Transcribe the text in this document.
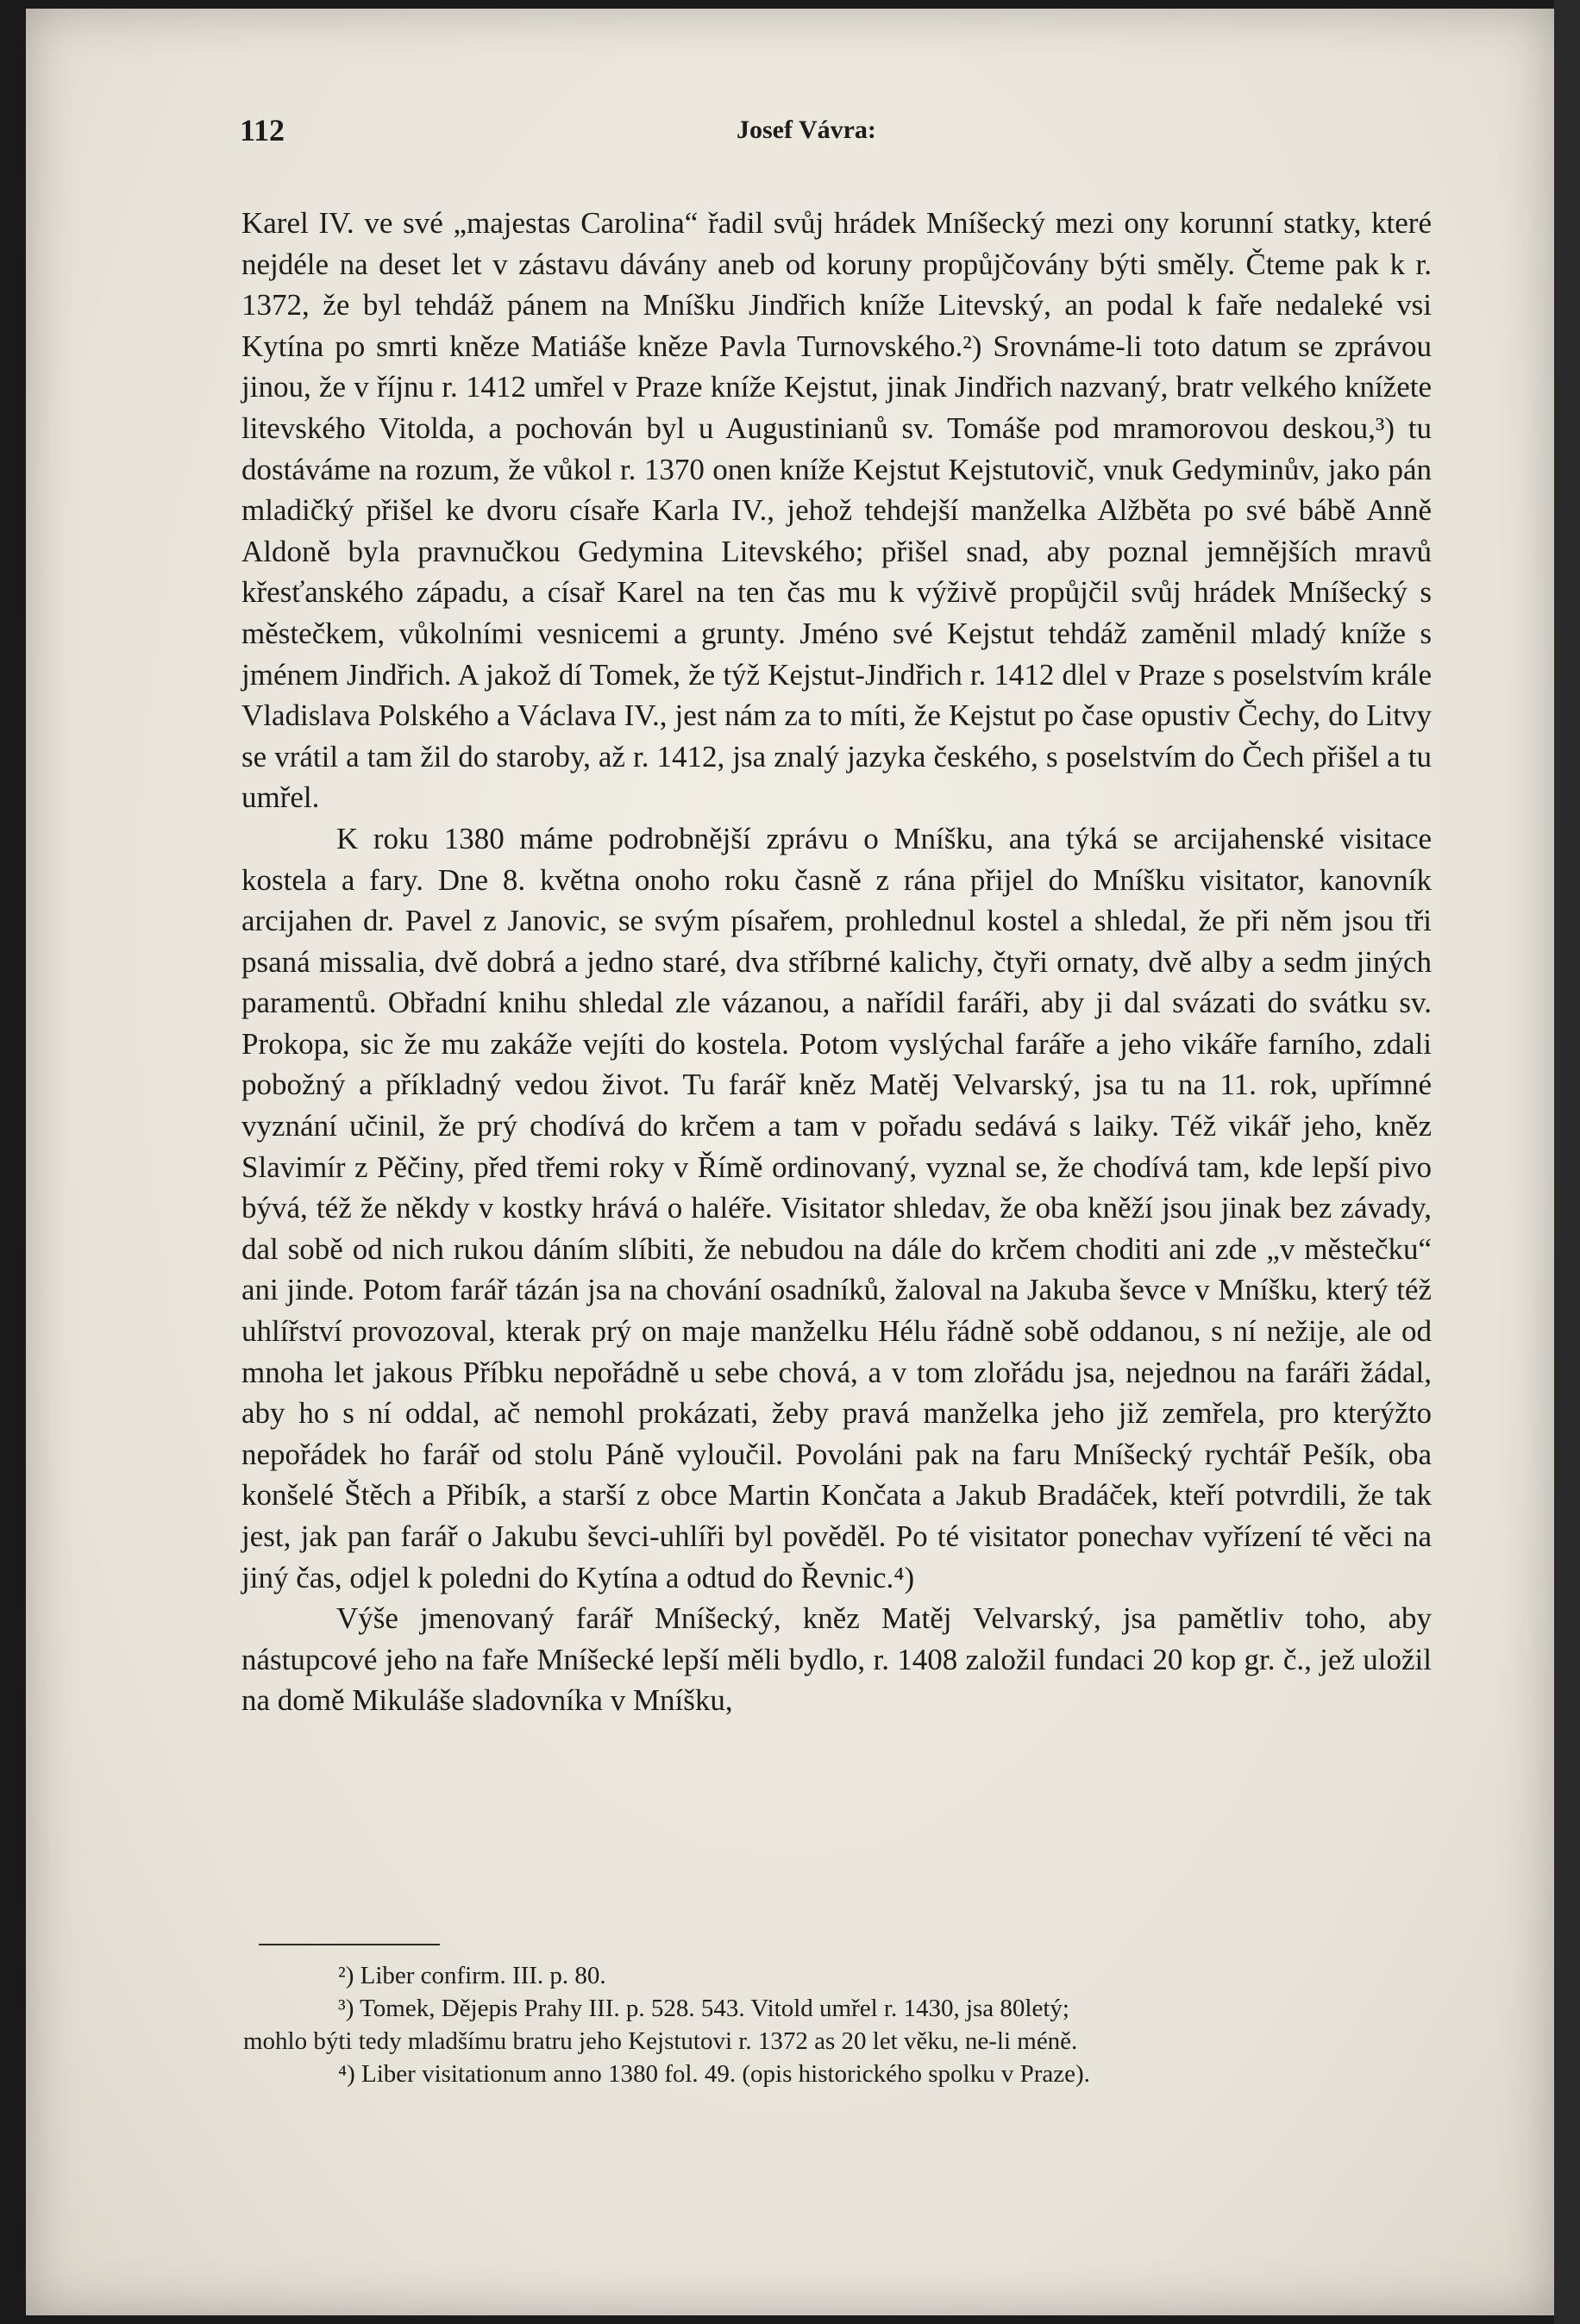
112	Josef Vávra:

Karel IV. ve své „majestas Carolina“ řadil svůj hrádek Mníšecký mezi ony korunní statky, které nejdéle na deset let v zástavu dávány aneb od koruny propůjčovány býti směly. Čteme pak k r. 1372, že byl tehdáž pánem na Mníšku Jindřich kníže Litevský, an podal k faře nedaleké vsi Kytína po smrti kněze Matiáše kněze Pavla Turnovského.²) Srovnáme-li toto datum se zprávou jinou, že v říjnu r. 1412 umřel v Praze kníže Kejstut, jinak Jindřich nazvaný, bratr velkého knížete litevského Vitolda, a pochován byl u Augustinianů sv. Tomáše pod mramorovou deskou,³) tu dostáváme na rozum, že vůkol r. 1370 onen kníže Kejstut Kejstutovič, vnuk Gedyminův, jako pán mladičký přišel ke dvoru císaře Karla IV., jehož tehdejší manželka Alžběta po své bábě Anně Aldoně byla pravnučkou Gedymina Litevského; přišel snad, aby poznal jemnějších mravů křesťanského západu, a císař Karel na ten čas mu k výživě propůjčil svůj hrádek Mníšecký s městečkem, vůkolními vesnicemi a grunty. Jméno své Kejstut tehdáž zaměnil mladý kníže s jménem Jindřich. A jakož dí Tomek, že týž Kejstut-Jindřich r. 1412 dlel v Praze s poselstvím krále Vladislava Polského a Václava IV., jest nám za to míti, že Kejstut po čase opustiv Čechy, do Litvy se vrátil a tam žil do staroby, až r. 1412, jsa znalý jazyka českého, s poselstvím do Čech přišel a tu umřel.

K roku 1380 máme podrobnější zprávu o Mníšku, ana týká se arcijahenské visitace kostela a fary. Dne 8. května onoho roku časně z rána přijel do Mníšku visitator, kanovník arcijahen dr. Pavel z Janovic, se svým písařem, prohlednul kostel a shledal, že při něm jsou tři psaná missalia, dvě dobrá a jedno staré, dva stříbrné kalichy, čtyři ornaty, dvě alby a sedm jiných paramentů. Obřadní knihu shledal zle vázanou, a nařídil faráři, aby ji dal svázati do svátku sv. Prokopa, sic že mu zakáže vejíti do kostela. Potom vyslýchal faráře a jeho vikáře farního, zdali pobožný a příkladný vedou život. Tu farář kněz Matěj Velvarský, jsa tu na 11. rok, upřímné vyznání učinil, že prý chodívá do krčem a tam v pořadu sedává s laiky. Též vikář jeho, kněz Slavimír z Pěčiny, před třemi roky v Římě ordinovaný, vyznal se, že chodívá tam, kde lepší pivo bývá, též že někdy v kostky hrává o haléře. Visitator shledav, že oba kněží jsou jinak bez závady, dal sobě od nich rukou dáním slíbiti, že nebudou na dále do krčem choditi ani zde „v městečku“ ani jinde. Potom farář tázán jsa na chování osadníků, žaloval na Jakuba ševce v Mníšku, který též uhlířství provozoval, kterak prý on maje manželku Hélu řádně sobě oddanou, s ní nežije, ale od mnoha let jakous Příbku nepořádně u sebe chová, a v tom zlořádu jsa, nejednou na faráři žádal, aby ho s ní oddal, ač nemohl prokázati, žeby pravá manželka jeho již zemřela, pro kterýžto nepořádek ho farář od stolu Páně vyloučil. Povoláni pak na faru Mníšecký rychtář Pešík, oba konšelé Štěch a Přibík, a starší z obce Martin Končata a Jakub Bradáček, kteří potvrdili, že tak jest, jak pan farář o Jakubu ševci-uhlíři byl pověděl. Po té visitator ponechav vyřízení té věci na jiný čas, odjel k poledni do Kytína a odtud do Řevnic.⁴)

Výše jmenovaný farář Mníšecký, kněz Matěj Velvarský, jsa pamětliv toho, aby nástupcové jeho na faře Mníšecké lepší měli bydlo, r. 1408 založil fundaci 20 kop gr. č., jež uložil na domě Mikuláše sladovníka v Mníšku,

²) Liber confirm. III. p. 80.

³) Tomek, Dějepis Prahy III. p. 528. 543. Vitold umřel r. 1430, jsa 80letý;

mohlo býti tedy mladšímu bratru jeho Kejstutovi r. 1372 as 20 let věku, ne-li méně.

⁴) Liber visitationum anno 1380 fol. 49. (opis historického spolku v Praze).
